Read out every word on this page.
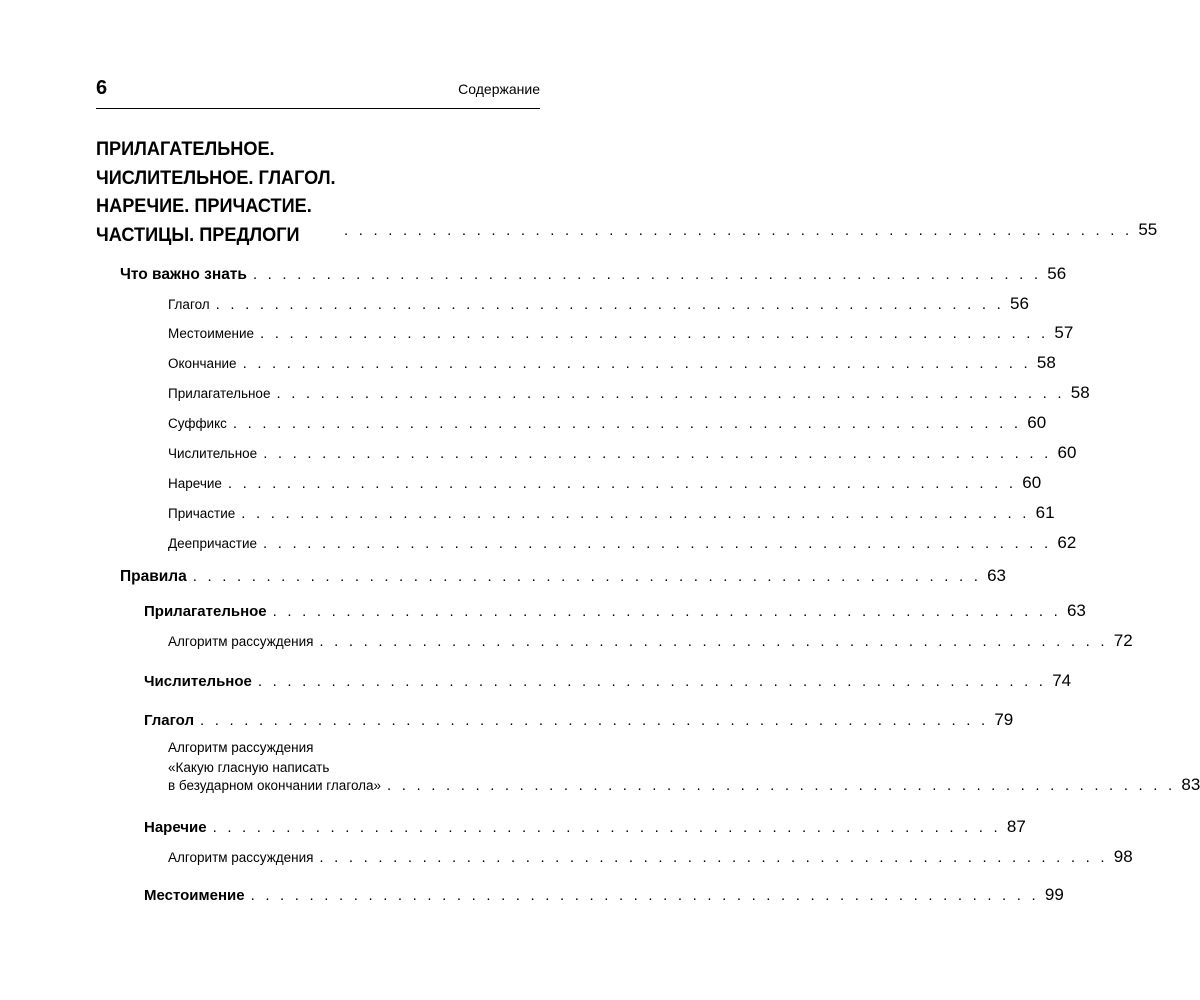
6	Содержание
ПРИЛАГАТЕЛЬНОЕ.
ЧИСЛИТЕЛЬНОЕ. ГЛАГОЛ.
НАРЕЧИЕ. ПРИЧАСТИЕ.
ЧАСТИЦЫ. ПРЕДЛОГИ	. . . . . . . . . . . . . . . . . . . . . . . . . . . . . . . . . . . . . . . . . . . . . . . . . . . . . . 55
Что важно знать . . . . . . . . . . . . . . . . . . . . . . . . . . . . . . . . . . . . . . . . . . . . . . . . . . . . . . 56
Глагол . . . . . . . . . . . . . . . . . . . . . . . . . . . . . . . . . . . . . . . . . . . . . . . . . . . . . . 56
Местоимение . . . . . . . . . . . . . . . . . . . . . . . . . . . . . . . . . . . . . . . . . . . . . . . . . . . . . . 57
Окончание . . . . . . . . . . . . . . . . . . . . . . . . . . . . . . . . . . . . . . . . . . . . . . . . . . . . . . 58
Прилагательное . . . . . . . . . . . . . . . . . . . . . . . . . . . . . . . . . . . . . . . . . . . . . . . . . . . . . . 58
Суффикс . . . . . . . . . . . . . . . . . . . . . . . . . . . . . . . . . . . . . . . . . . . . . . . . . . . . . . 60
Числительное . . . . . . . . . . . . . . . . . . . . . . . . . . . . . . . . . . . . . . . . . . . . . . . . . . . . . . 60
Наречие . . . . . . . . . . . . . . . . . . . . . . . . . . . . . . . . . . . . . . . . . . . . . . . . . . . . . . 60
Причастие . . . . . . . . . . . . . . . . . . . . . . . . . . . . . . . . . . . . . . . . . . . . . . . . . . . . . . 61
Деепричастие . . . . . . . . . . . . . . . . . . . . . . . . . . . . . . . . . . . . . . . . . . . . . . . . . . . . . . 62
Правила . . . . . . . . . . . . . . . . . . . . . . . . . . . . . . . . . . . . . . . . . . . . . . . . . . . . . . 63
Прилагательное . . . . . . . . . . . . . . . . . . . . . . . . . . . . . . . . . . . . . . . . . . . . . . . . . . . . . . 63
Алгоритм рассуждения . . . . . . . . . . . . . . . . . . . . . . . . . . . . . . . . . . . . . . . . . . . . . . . . . . . . . . 72
Числительное . . . . . . . . . . . . . . . . . . . . . . . . . . . . . . . . . . . . . . . . . . . . . . . . . . . . . . 74
Глагол . . . . . . . . . . . . . . . . . . . . . . . . . . . . . . . . . . . . . . . . . . . . . . . . . . . . . . 79
Алгоритм рассуждения
«Какую гласную написать
в безударном окончании глагола» . . . . . . . . . . . . . . . . . . . . . . . . . . . . . . . . . . . . . . . . . . . . . . . . . . . . . . 83
Наречие . . . . . . . . . . . . . . . . . . . . . . . . . . . . . . . . . . . . . . . . . . . . . . . . . . . . . . 87
Алгоритм рассуждения . . . . . . . . . . . . . . . . . . . . . . . . . . . . . . . . . . . . . . . . . . . . . . . . . . . . . . 98
Местоимение . . . . . . . . . . . . . . . . . . . . . . . . . . . . . . . . . . . . . . . . . . . . . . . . . . . . . . 99
